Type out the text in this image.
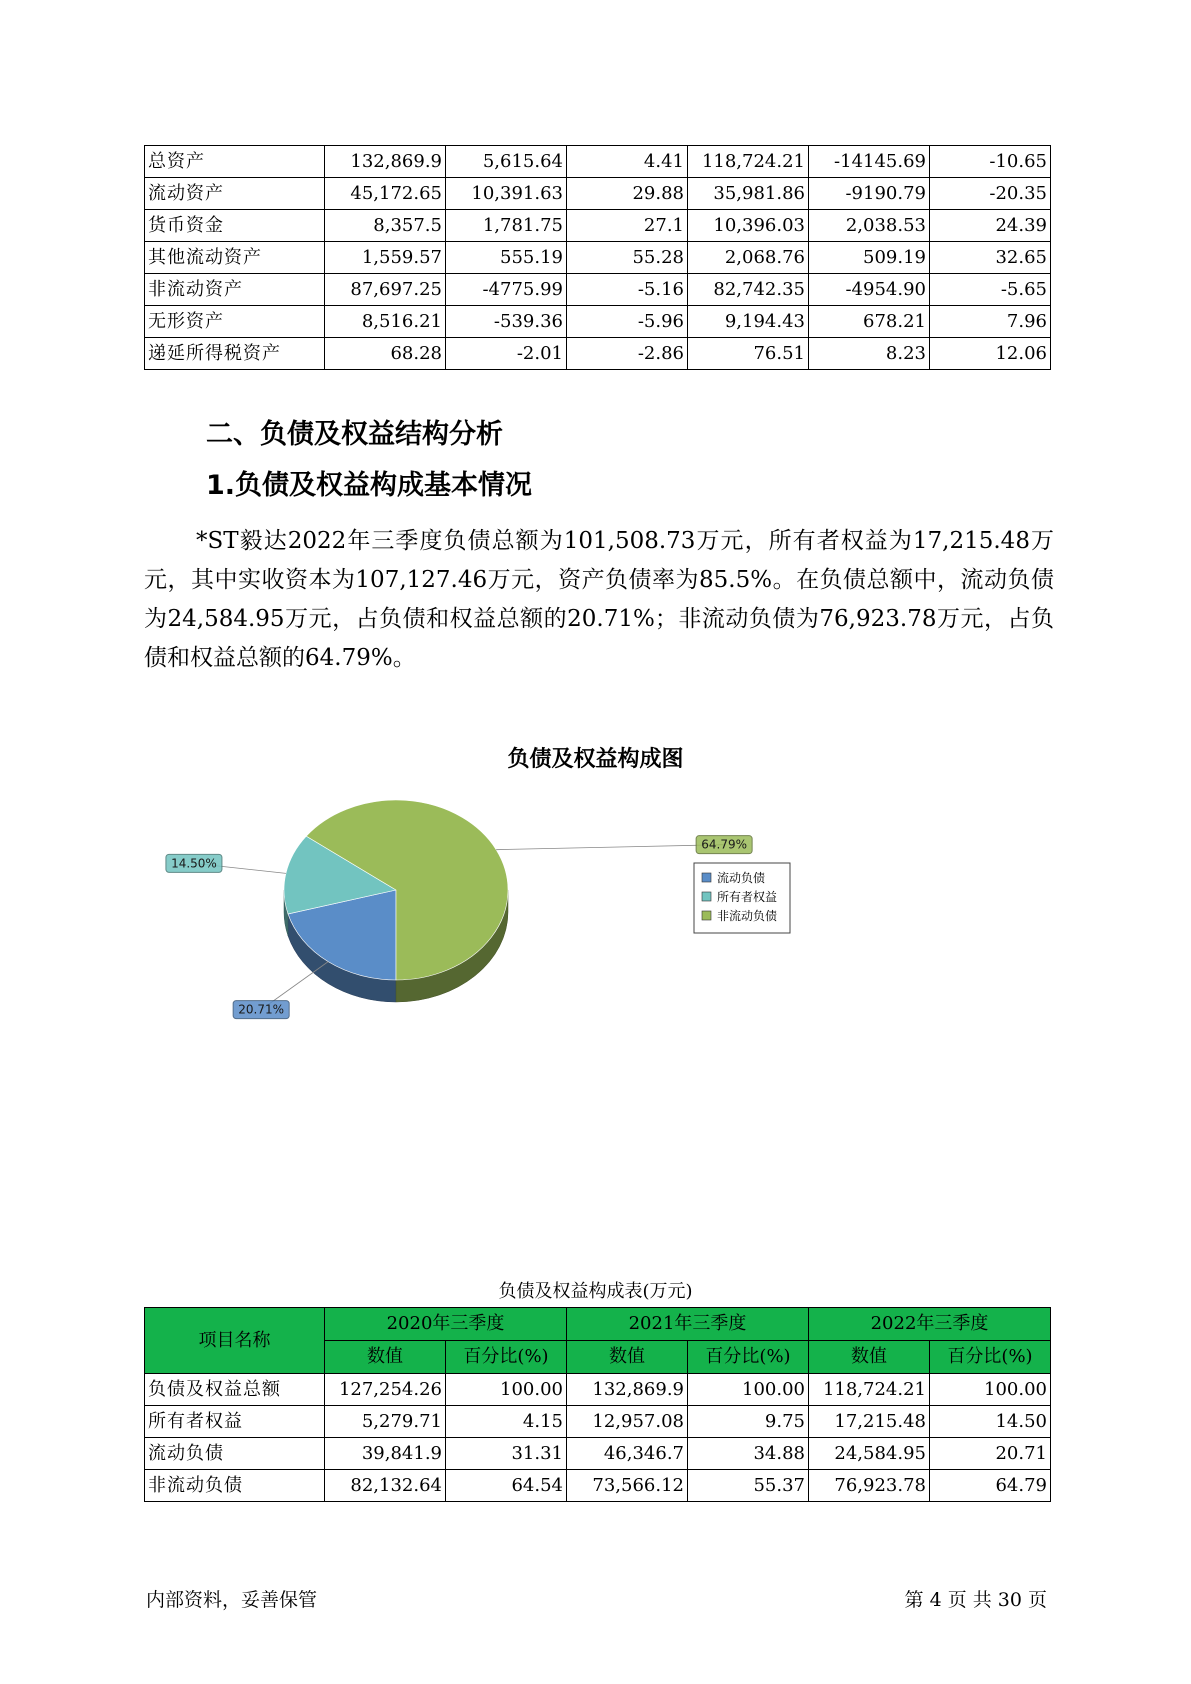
总资产	132,869.9	5,615.64	4.41	118,724.21	-14145.69	-10.65
流动资产	45,172.65	10,391.63	29.88	35,981.86	-9190.79	-20.35
货币资金	8,357.5	1,781.75	27.1	10,396.03	2,038.53	24.39
其他流动资产	1,559.57	555.19	55.28	2,068.76	509.19	32.65
非流动资产	87,697.25	-4775.99	-5.16	82,742.35	-4954.90	-5.65
无形资产	8,516.21	-539.36	-5.96	9,194.43	678.21	7.96
递延所得税资产	68.28	-2.01	-2.86	76.51	8.23	12.06
二、负债及权益结构分析
1.负债及权益构成基本情况

*ST毅达2022年三季度负债总额为101,508.73万元，所有者权益为17,215.48万元，其中实收资本为107,127.46万元，资产负债率为85.5%。在负债总额中，流动负债为24,584.95万元，占负债和权益总额的20.71%；非流动负债为76,923.78万元，占负债和权益总额的64.79%。

负债及权益构成图
20.71%
14.50%
64.79%
流动负债
所有者权益
非流动负债
负债及权益构成表(万元)
项目名称	2020年三季度		2021年三季度		2022年三季度	
	数值	百分比(%)	数值	百分比(%)	数值	百分比(%)
负债及权益总额	127,254.26	100.00	132,869.9	100.00	118,724.21	100.00
所有者权益	5,279.71	4.15	12,957.08	9.75	17,215.48	14.50
流动负债	39,841.9	31.31	46,346.7	34.88	24,584.95	20.71
非流动负债	82,132.64	64.54	73,566.12	55.37	76,923.78	64.79
内部资料，妥善保管	第 4 页 共 30 页
